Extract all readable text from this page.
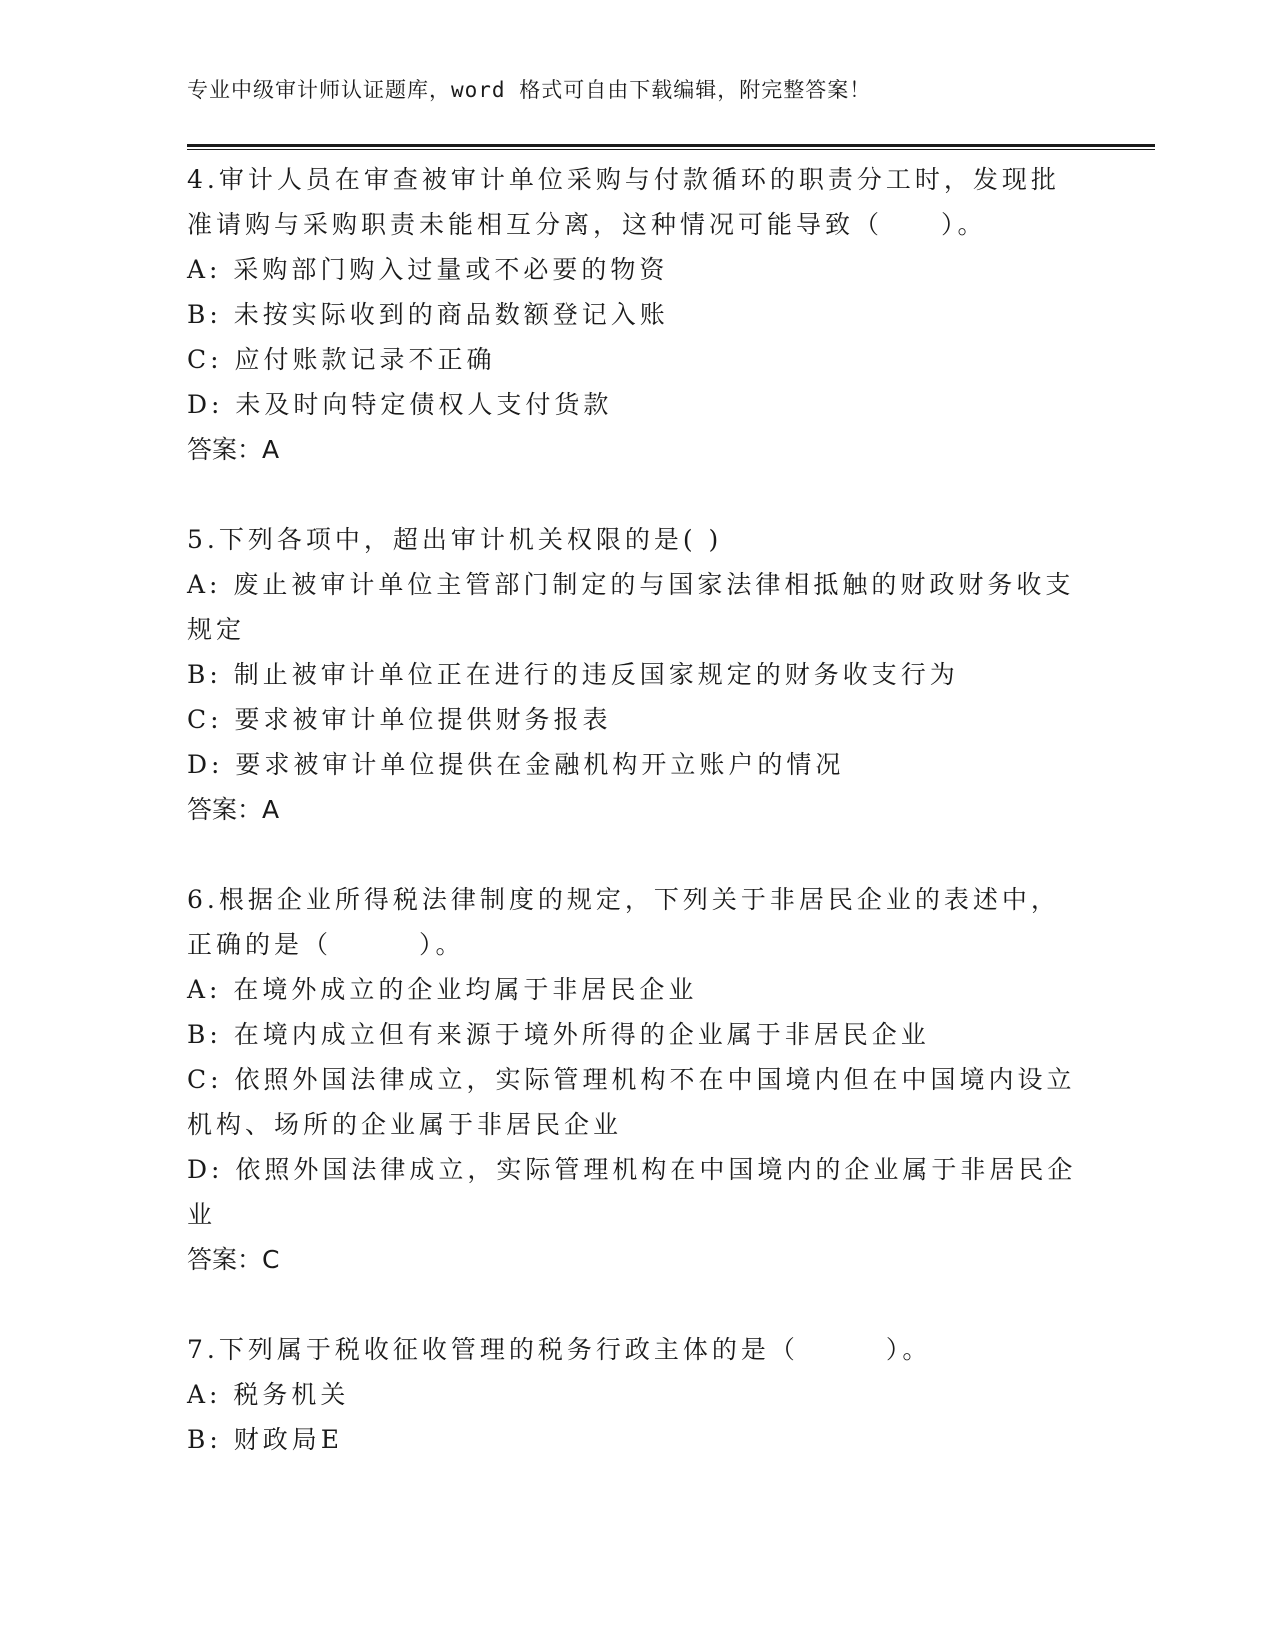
专业中级审计师认证题库，word 格式可自由下载编辑，附完整答案！

4.审计人员在审查被审计单位采购与付款循环的职责分工时，发现批

准请购与采购职责未能相互分离，这种情况可能导致（　　）。

A: 采购部门购入过量或不必要的物资

B: 未按实际收到的商品数额登记入账

C: 应付账款记录不正确

D: 未及时向特定债权人支付货款

答案：A

5.下列各项中，超出审计机关权限的是( )

A: 废止被审计单位主管部门制定的与国家法律相抵触的财政财务收支

规定

B: 制止被审计单位正在进行的违反国家规定的财务收支行为

C: 要求被审计单位提供财务报表

D: 要求被审计单位提供在金融机构开立账户的情况

答案：A

6.根据企业所得税法律制度的规定，下列关于非居民企业的表述中，

正确的是（　　　）。

A: 在境外成立的企业均属于非居民企业

B: 在境内成立但有来源于境外所得的企业属于非居民企业

C: 依照外国法律成立，实际管理机构不在中国境内但在中国境内设立

机构、场所的企业属于非居民企业

D: 依照外国法律成立，实际管理机构在中国境内的企业属于非居民企

业

答案：C

7.下列属于税收征收管理的税务行政主体的是（　　　）。

A: 税务机关

B: 财政局E
